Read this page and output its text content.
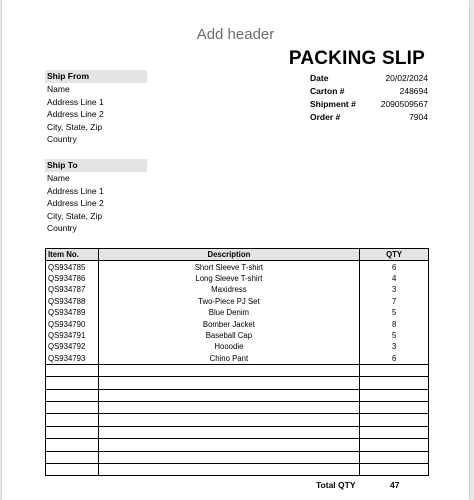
Add header
PACKING SLIP
Date	20/02/2024
Carton #	248694
Shipment #	2090509567
Order #	7904
Ship From
Name
Address Line 1
Address Line 2
City, State, Zip
Country
Ship To
Name
Address Line 1
Address Line 2
City, State, Zip
Country
Item No.	Description	QTY
QS934785	Short Sleeve T-shirt	6
QS934786	Long Sleeve T-shirt	4
QS934787	Maxidress	3
QS934788	Two-Piece PJ Set	7
QS934789	Blue Denim	5
QS934790	Bomber Jacket	8
QS934791	Baseball Cap	5
QS934792	Hooodie	3
QS934793	Chino Pant	6

Total QTY	47
